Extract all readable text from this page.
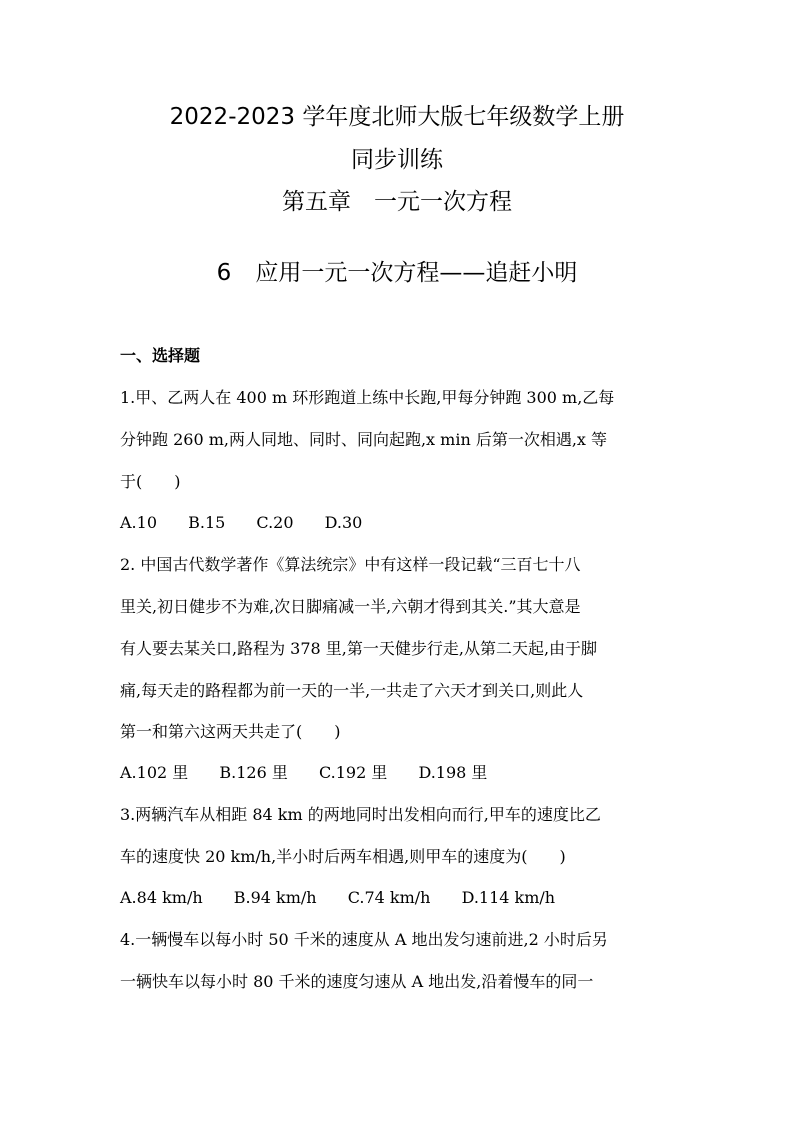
2022-2023 学年度北师大版七年级数学上册
同步训练
第五章　一元一次方程
6 应用一元一次方程——追赶小明
一、选择题
1.甲、乙两人在 400 m 环形跑道上练中长跑,甲每分钟跑 300 m,乙每
分钟跑 260 m,两人同地、同时、同向起跑,x min 后第一次相遇,x 等
于(　　)
A.10 B.15 C.20 D.30
2. 中国古代数学著作《算法统宗》中有这样一段记载“三百七十八
里关,初日健步不为难,次日脚痛减一半,六朝才得到其关.”其大意是
有人要去某关口,路程为 378 里,第一天健步行走,从第二天起,由于脚
痛,每天走的路程都为前一天的一半,一共走了六天才到关口,则此人
第一和第六这两天共走了(　　)
A.102 里 B.126 里 C.192 里 D.198 里
3.两辆汽车从相距 84 km 的两地同时出发相向而行,甲车的速度比乙
车的速度快 20 km/h,半小时后两车相遇,则甲车的速度为(　　)
A.84 km/h B.94 km/h C.74 km/h D.114 km/h
4.一辆慢车以每小时 50 千米的速度从 A 地出发匀速前进,2 小时后另
一辆快车以每小时 80 千米的速度匀速从 A 地出发,沿着慢车的同一
